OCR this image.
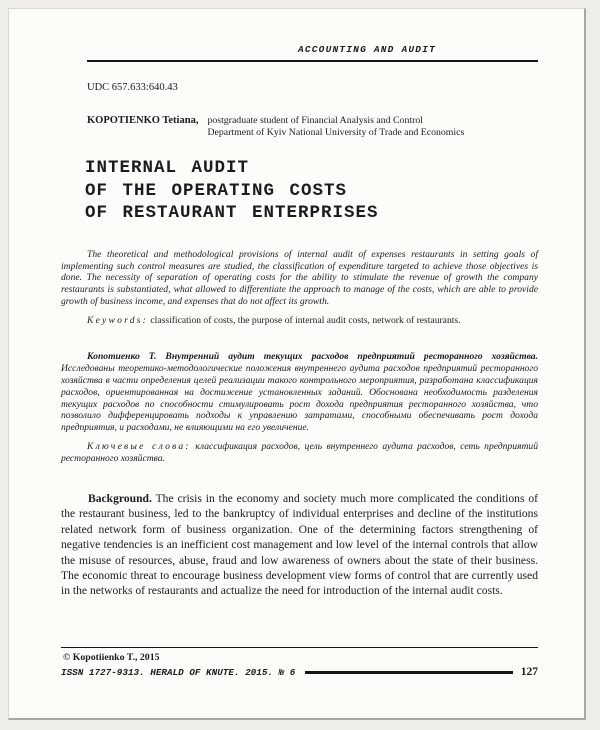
ACCOUNTING AND AUDIT
UDC 657.633:640.43
KOPOTIENKO Tetiana, postgraduate student of Financial Analysis and Control Department of Kyiv National University of Trade and Economics
INTERNAL AUDIT
OF THE OPERATING COSTS
OF RESTAURANT ENTERPRISES

The theoretical and methodological provisions of internal audit of expenses restaurants in setting goals of implementing such control measures are studied, the classification of expenditure targeted to achieve those objectives is done. The necessity of separation of operating costs for the ability to stimulate the revenue of growth the company restaurants is substantiated, what allowed to differentiate the approach to manage of the costs, which are able to provide growth of business income, and expenses that do not affect its growth.

Keywords: classification of costs, the purpose of internal audit costs, network of restaurants.

Копотиенко Т. Внутренний аудит текущих расходов предприятий ресторанного хозяйства. Исследованы теоретико-методологические положения внутреннего аудита расходов предприятий ресторанного хозяйства в части определения целей реализации такого контрольного мероприятия, разработана классификация расходов, ориентированная на достижение установленных заданий. Обоснована необходимость разделения текущих расходов по способности стимулировать рост дохода предприятия ресторанного хозяйства, что позволило дифференцировать подходы к управлению затратами, способными обеспечивать рост дохода предприятия, и расходами, не влияющими на его увеличение.

Ключевые слова: классификация расходов, цель внутреннего аудита расходов, сеть предприятий ресторанного хозяйства.

Background. The crisis in the economy and society much more complicated the conditions of the restaurant business, led to the bankruptcy of individual enterprises and decline of the institutions related network form of business organization. One of the determining factors strengthening of negative tendencies is an inefficient cost management and low level of the internal controls that allow the misuse of resources, abuse, fraud and low awareness of owners about the state of their business. The economic threat to encourage business development view forms of control that are currently used in the networks of restaurants and actualize the need for introduction of the internal audit costs.

© Kopotiienko T., 2015
ISSN 1727-9313. HERALD OF KNUTE. 2015. № 6	127
